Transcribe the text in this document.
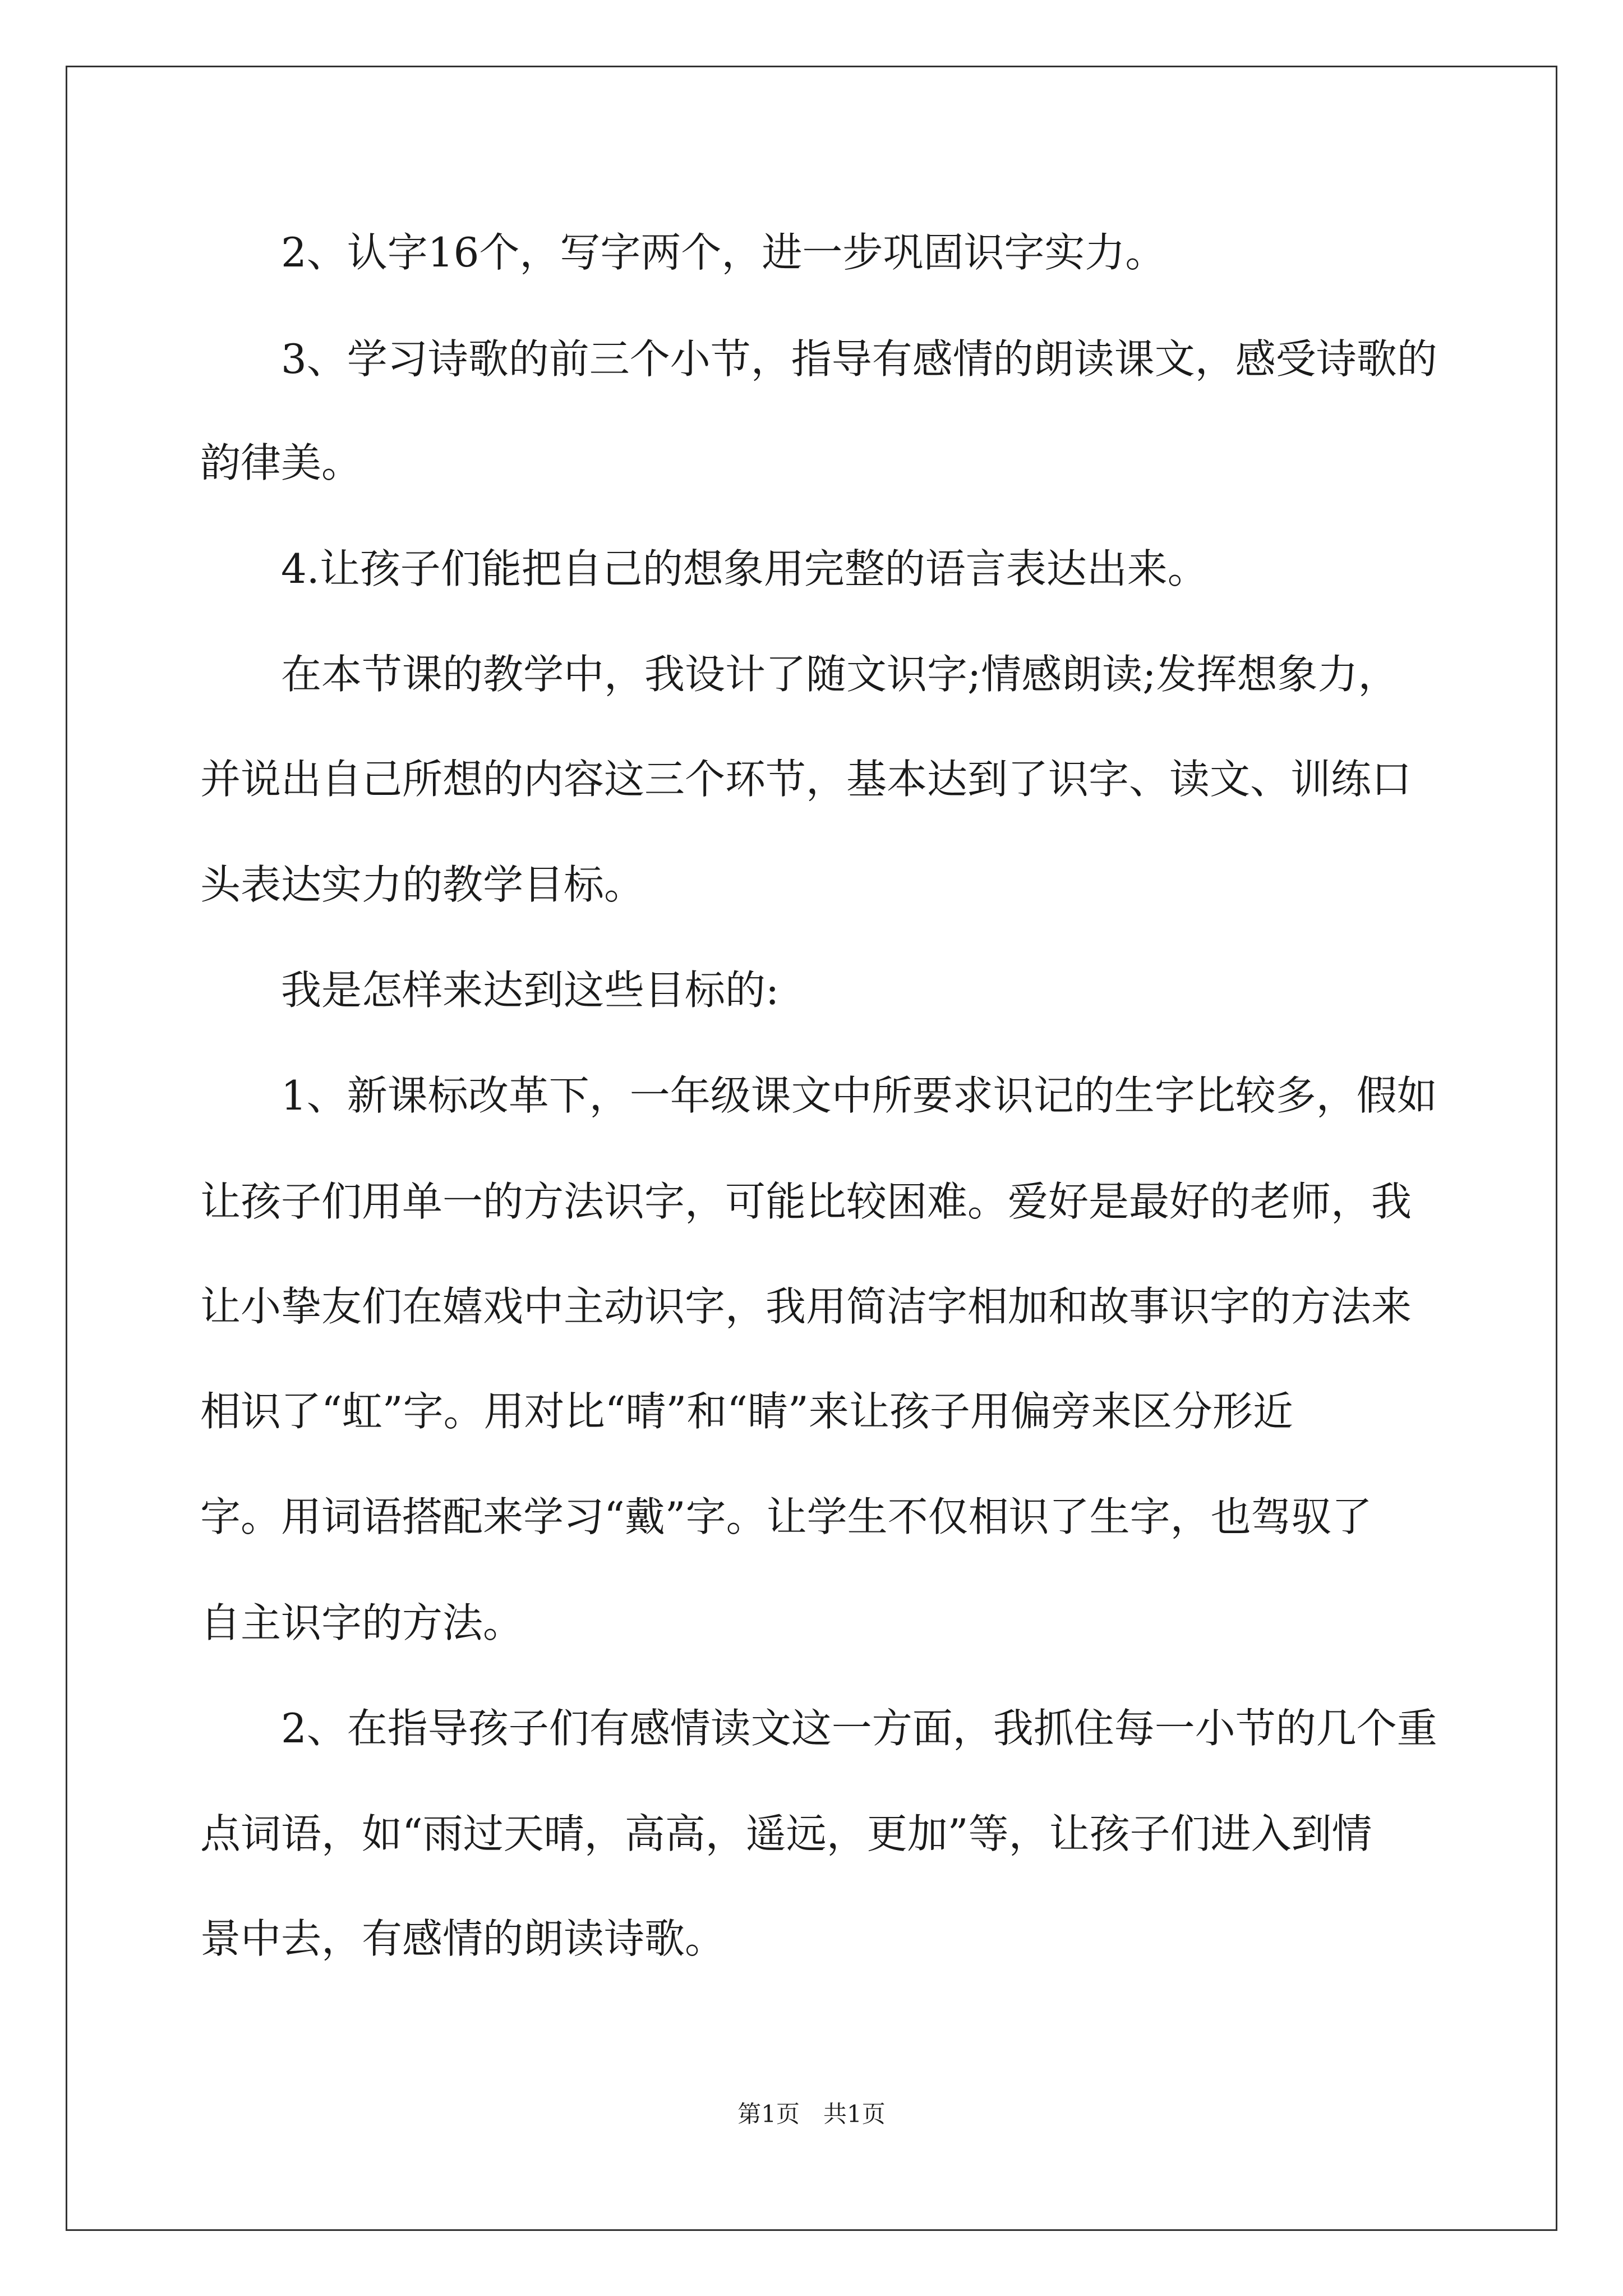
　　2、认字16个，写字两个，进一步巩固识字实力。
　　3、学习诗歌的前三个小节，指导有感情的朗读课文，感受诗歌的
韵律美。
　　4.让孩子们能把自己的想象用完整的语言表达出来。
　　在本节课的教学中，我设计了随文识字;情感朗读;发挥想象力，
并说出自己所想的内容这三个环节，基本达到了识字、读文、训练口
头表达实力的教学目标。
　　我是怎样来达到这些目标的:
　　1、新课标改革下，一年级课文中所要求识记的生字比较多，假如
让孩子们用单一的方法识字，可能比较困难。爱好是最好的老师，我
让小挚友们在嬉戏中主动识字，我用简洁字相加和故事识字的方法来
相识了“虹”字。用对比“晴”和“睛”来让孩子用偏旁来区分形近
字。用词语搭配来学习“戴”字。让学生不仅相识了生字，也驾驭了
自主识字的方法。
　　2、在指导孩子们有感情读文这一方面，我抓住每一小节的几个重
点词语，如“雨过天晴，高高，遥远，更加”等，让孩子们进入到情
景中去，有感情的朗读诗歌。
第1页　共1页
